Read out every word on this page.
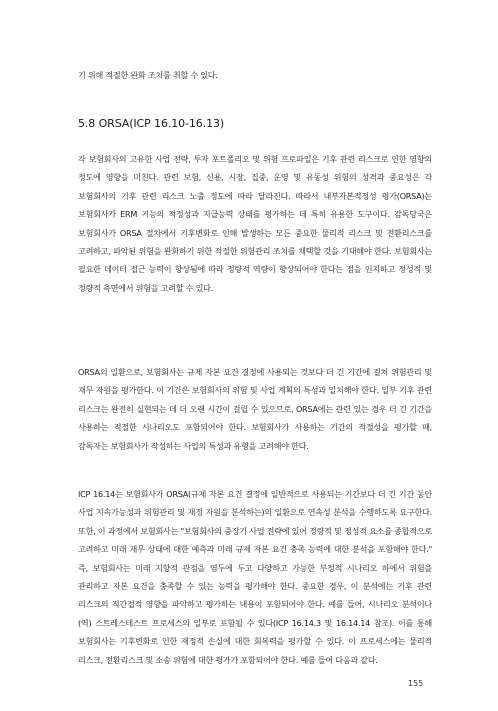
기 위해 적절한 완화 조치를 취할 수 있다.

5.8 ORSA(ICP 16.10-16.13)

각 보험회사의 고유한 사업 전략, 투자 포트폴리오 및 위험 프로파일은 기후 관련 리스크로 인한 영향의 정도에 영향을 미친다. 관련 보험, 신용, 시장, 집중, 운영 및 유동성 위험의 성격과 중요성은 각 보험회사의 기후 관련 리스크 노출 정도에 따라 달라진다. 따라서 내부자본적정성 평가(ORSA)는 보험회사가 ERM 기능의 적정성과 지급능력 상태를 평가하는 데 특히 유용한 도구이다. 감독당국은 보험회사가 ORSA 절차에서 기후변화로 인해 발생하는 모든 중요한 물리적 리스크 및 전환리스크를 고려하고, 파악된 위험을 완화하기 위한 적절한 위험관리 조치를 채택할 것을 기대해야 한다. 보험회사는 필요한 데이터 접근 능력이 향상됨에 따라 정량적 역량이 향상되어야 한다는 점을 인지하고 정성적 및 정량적 측면에서 위험을 고려할 수 있다.

ORSA의 일환으로, 보험회사는 규제 자본 요건 결정에 사용되는 것보다 더 긴 기간에 걸쳐 위험관리 및 재무 자원을 평가한다. 이 기간은 보험회사의 위험 및 사업 계획의 특성과 일치해야 한다. 일부 기후 관련 리스크는 완전히 실현되는 데 더 오랜 시간이 걸릴 수 있으므로, ORSA에는 관련 있는 경우 더 긴 기간을 사용하는 적절한 시나리오도 포함되어야 한다. 보험회사가 사용하는 기간의 적절성을 평가할 때, 감독자는 보험회사가 작성하는 사업의 특성과 유형을 고려해야 한다.

ICP 16.14는 보험회사가 ORSA(규제 자본 요건 결정에 일반적으로 사용되는 기간보다 더 긴 기간 동안 사업 지속가능성과 위험관리 및 재정 자원을 분석하는)의 일환으로 연속성 분석을 수행하도록 요구한다. 또한, 이 과정에서 보험회사는 "보험회사의 중장기 사업 전략에 있어 정량적 및 정성적 요소를 종합적으로 고려하고 미래 재무 상태에 대한 예측과 미래 규제 자본 요건 충족 능력에 대한 분석을 포함해야 한다." 즉, 보험회사는 미래 지향적 관점을 염두에 두고 다양하고 가능한 부정적 시나리오 하에서 위험을 관리하고 자본 요건을 충족할 수 있는 능력을 평가해야 한다. 중요한 경우, 이 분석에는 기후 관련 리스크의 직간접적 영향을 파악하고 평가하는 내용이 포함되어야 한다. 예를 들어, 시나리오 분석이나 (역) 스트레스테스트 프로세스의 일부로 포함될 수 있다(ICP 16.14.3 및 16.14.14 참조). 이를 통해 보험회사는 기후변화로 인한 재정적 손실에 대한 회복력을 평가할 수 있다. 이 프로세스에는 물리적 리스크, 전환리스크 및 소송 위험에 대한 평가가 포함되어야 한다. 예를 들어 다음과 같다.

155
